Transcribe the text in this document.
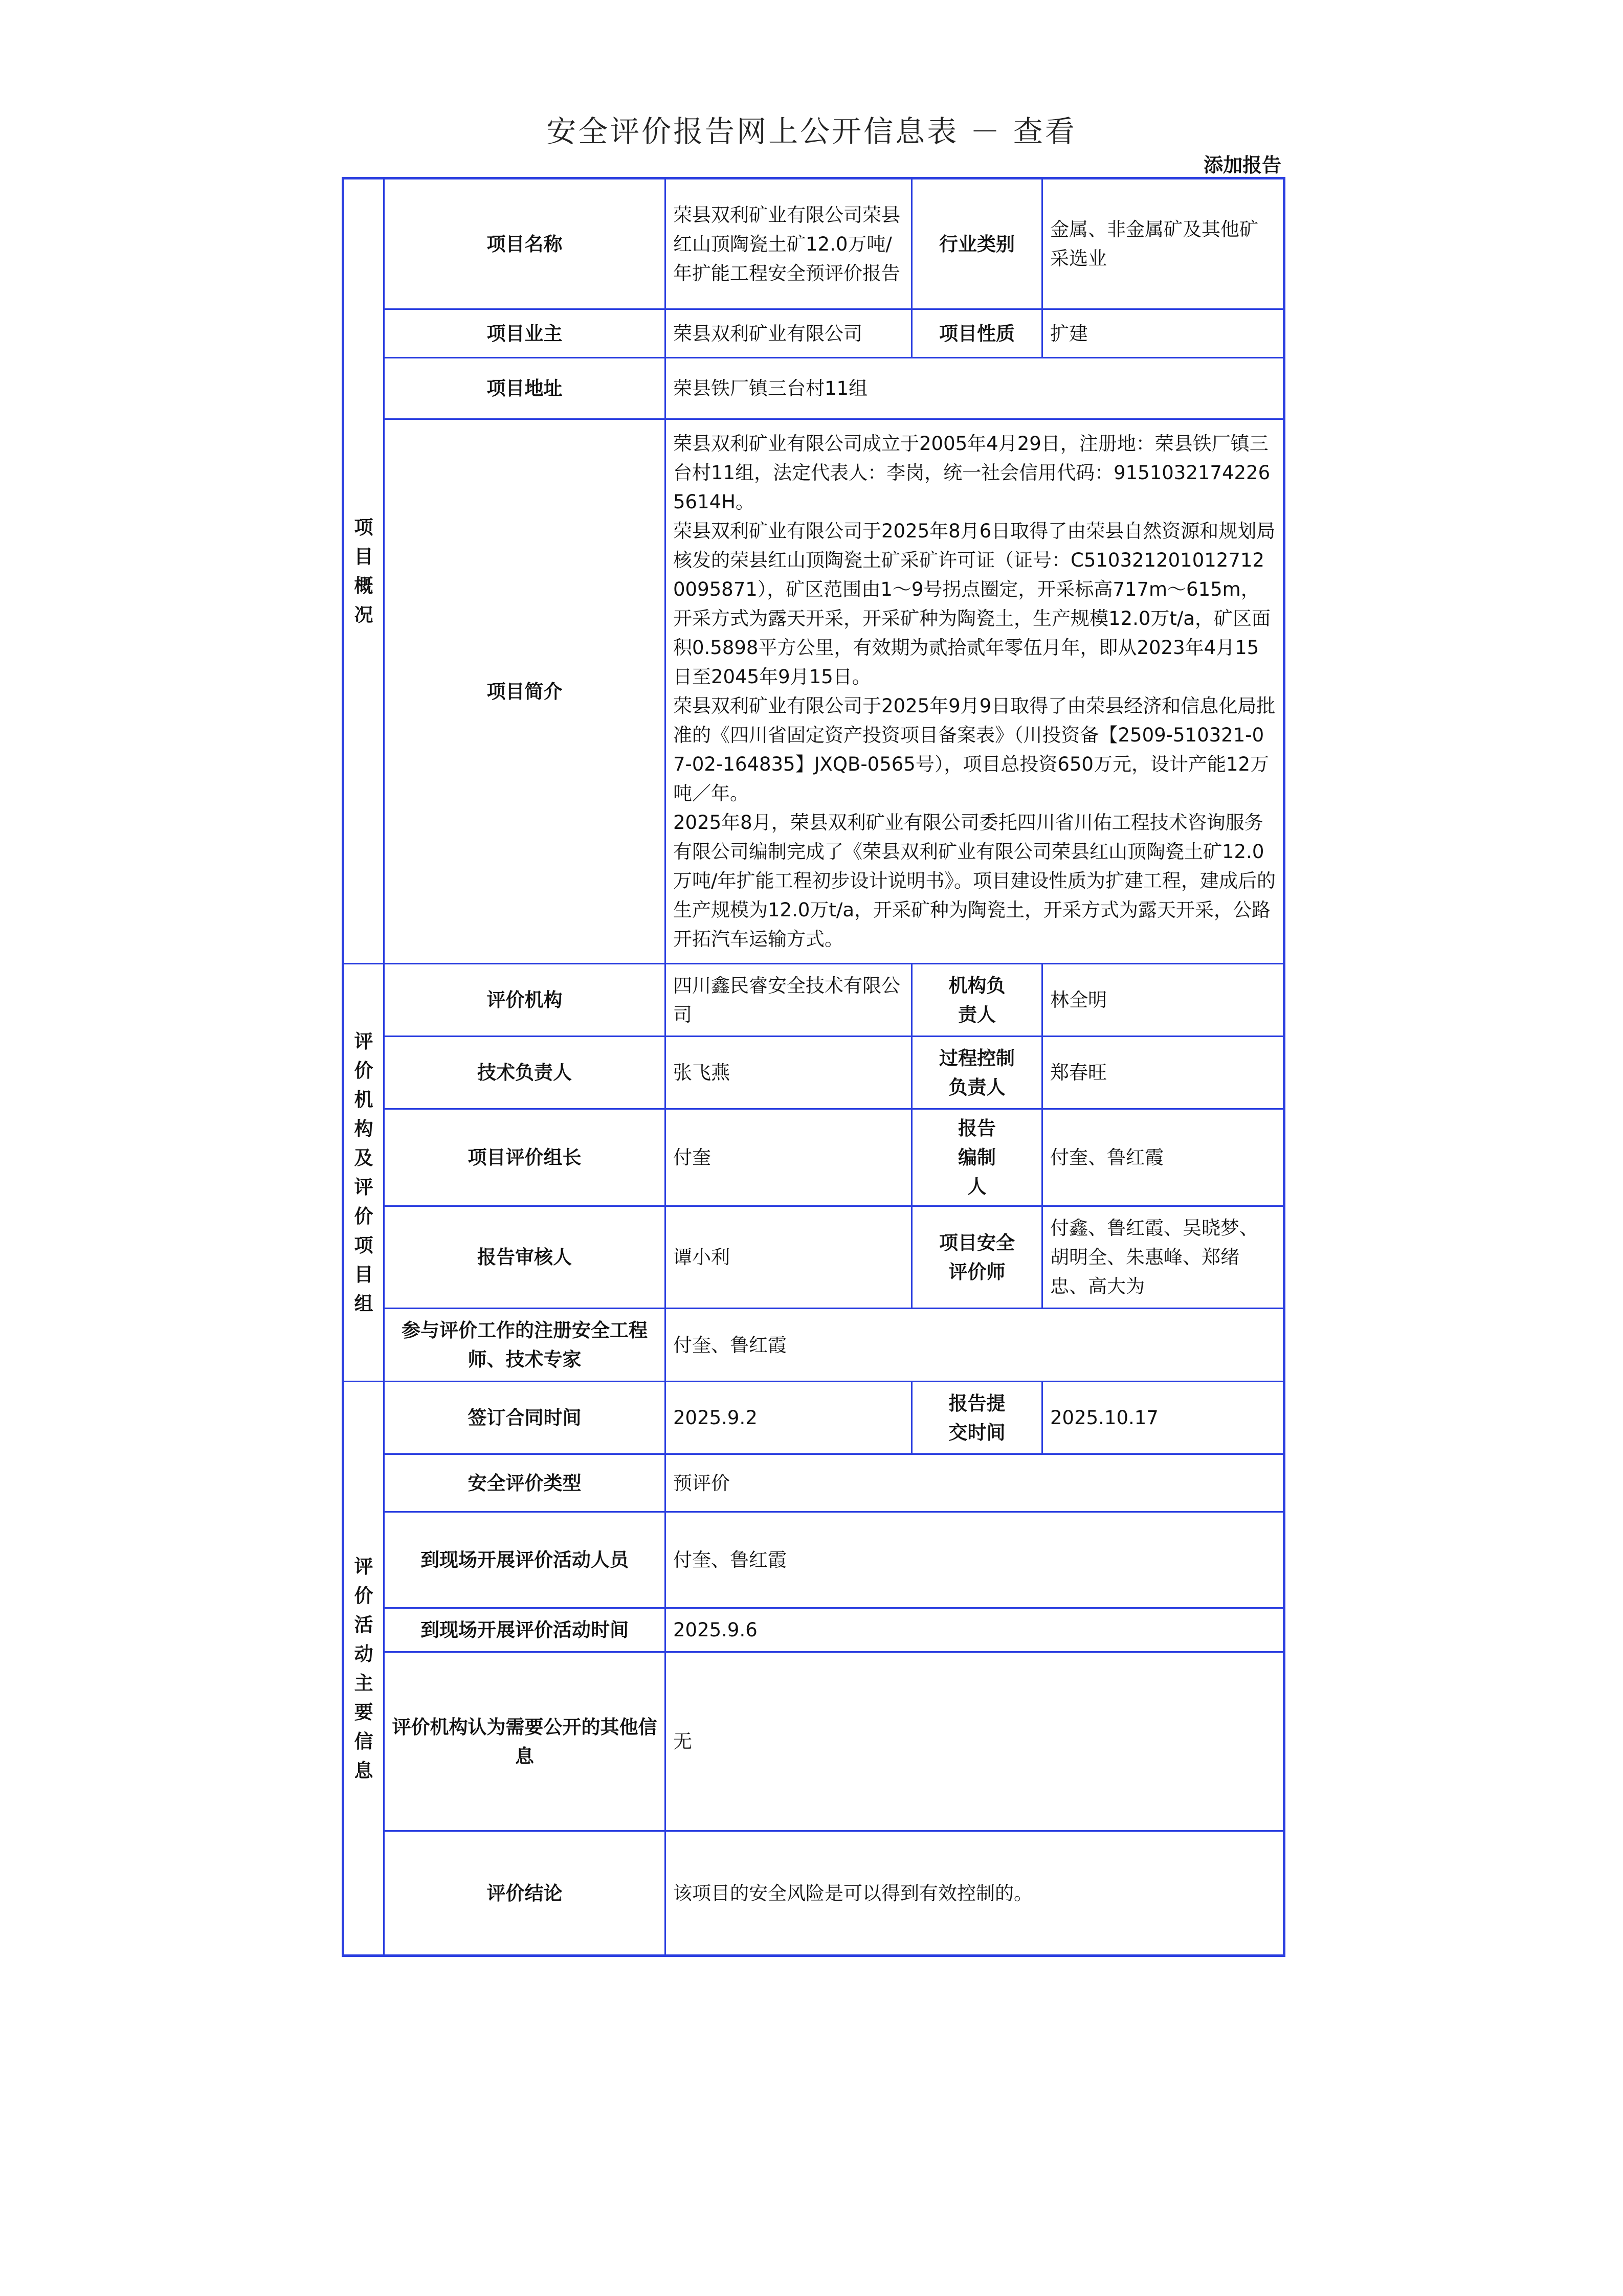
安全评价报告网上公开信息表 － 查看
添加报告
项目概况	项目名称	荣县双利矿业有限公司荣县红山顶陶瓷土矿12.0万吨/年扩能工程安全预评价报告	行业类别	金属、非金属矿及其他矿采选业
	项目业主	荣县双利矿业有限公司	项目性质	扩建
	项目地址	荣县铁厂镇三台村11组		
	项目简介	荣县双利矿业有限公司成立于2005年4月29日，注册地：荣县铁厂镇三台村11组，法定代表人：李岗，统一社会信用代码：91510321742265614H。

荣县双利矿业有限公司于2025年8月6日取得了由荣县自然资源和规划局核发的荣县红山顶陶瓷土矿采矿许可证（证号：C5103212010127120095871），矿区范围由1～9号拐点圈定，开采标高717m～615m，开采方式为露天开采，开采矿种为陶瓷土，生产规模12.0万t/a，矿区面积0.5898平方公里，有效期为贰拾贰年零伍月年，即从2023年4月15日至2045年9月15日。

荣县双利矿业有限公司于2025年9月9日取得了由荣县经济和信息化局批准的《四川省固定资产投资项目备案表》（川投资备【2509-510321-07-02-164835】JXQB-0565号），项目总投资650万元，设计产能12万吨／年。

2025年8月，荣县双利矿业有限公司委托四川省川佑工程技术咨询服务有限公司编制完成了《荣县双利矿业有限公司荣县红山顶陶瓷土矿12.0万吨/年扩能工程初步设计说明书》。项目建设性质为扩建工程，建成后的生产规模为12.0万t/a，开采矿种为陶瓷土，开采方式为露天开采，公路开拓汽车运输方式。		

评价机构及评价项目组	评价机构	四川鑫民睿安全技术有限公司	机构负责人	林全明
	技术负责人	张飞燕	过程控制负责人	郑春旺
	项目评价组长	付奎	报告编制人	付奎、鲁红霞
	报告审核人	谭小利	项目安全评价师	付鑫、鲁红霞、吴晓梦、胡明全、朱惠峰、郑绪忠、高大为
	参与评价工作的注册安全工程师、技术专家	付奎、鲁红霞		

评价活动主要信息	签订合同时间	2025.9.2	报告提交时间	2025.10.17
	安全评价类型	预评价		
	到现场开展评价活动人员	付奎、鲁红霞		
	到现场开展评价活动时间	2025.9.6		
	评价机构认为需要公开的其他信息	无		
	评价结论	该项目的安全风险是可以得到有效控制的。		
